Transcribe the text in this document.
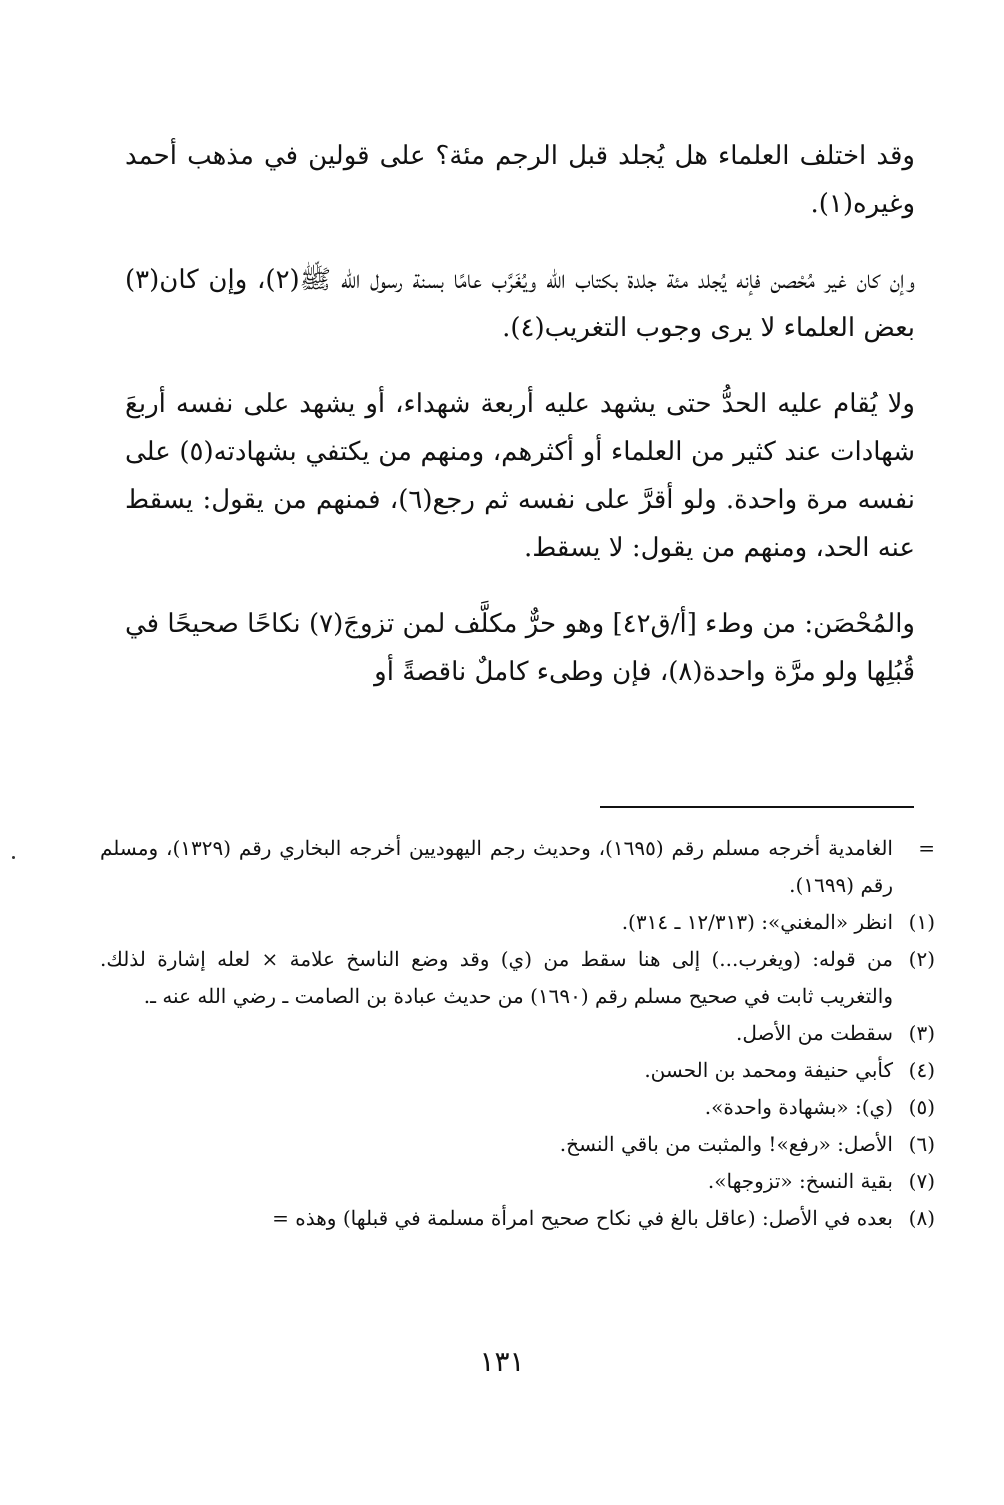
وقد اختلف العلماء هل يُجلد قبل الرجم مئة؟ على قولين في مذهب أحمد وغيره(١).

وإن كان غير مُحْصن فإنه يُجلد مئة جلدة بكتاب الله ويُغَرَّب عامًا بسنة رسول الله ﷺ(٢)، وإن كان(٣) بعض العلماء لا يرى وجوب التغريب(٤).

ولا يُقام عليه الحدُّ حتى يشهد عليه أربعة شهداء، أو يشهد على نفسه أربعَ شهادات عند كثير من العلماء أو أكثرهم، ومنهم من يكتفي بشهادته(٥) على نفسه مرة واحدة. ولو أقرَّ على نفسه ثم رجع(٦)، فمنهم من يقول: يسقط عنه الحد، ومنهم من يقول: لا يسقط.

والمُحْصَن: من وطء [أ/ق٤٢] وهو حرٌّ مكلَّف لمن تزوجَ(٧) نكاحًا صحيحًا في قُبُلِها ولو مرَّة واحدة(٨)، فإن وطىء كاملٌ ناقصةً أو

=
الغامدية أخرجه مسلم رقم (١٦٩٥)، وحديث رجم اليهوديين أخرجه البخاري رقم (١٣٢٩)، ومسلم رقم (١٦٩٩).
(١)
انظر «المغني»: (١٢/٣١٣ ـ ٣١٤).
(٢)
من قوله: (ويغرب...) إلى هنا سقط من (ي) وقد وضع الناسخ علامة × لعله إشارة لذلك. والتغريب ثابت في صحيح مسلم رقم (١٦٩٠) من حديث عبادة بن الصامت ـ رضي الله عنه ـ.
(٣)
سقطت من الأصل.
(٤)
كأبي حنيفة ومحمد بن الحسن.
(٥)
(ي): «بشهادة واحدة».
(٦)
الأصل: «رفع»! والمثبت من باقي النسخ.
(٧)
بقية النسخ: «تزوجها».
(٨)
بعده في الأصل: (عاقل بالغ في نكاح صحيح امرأة مسلمة في قبلها) وهذه =
١٣١
